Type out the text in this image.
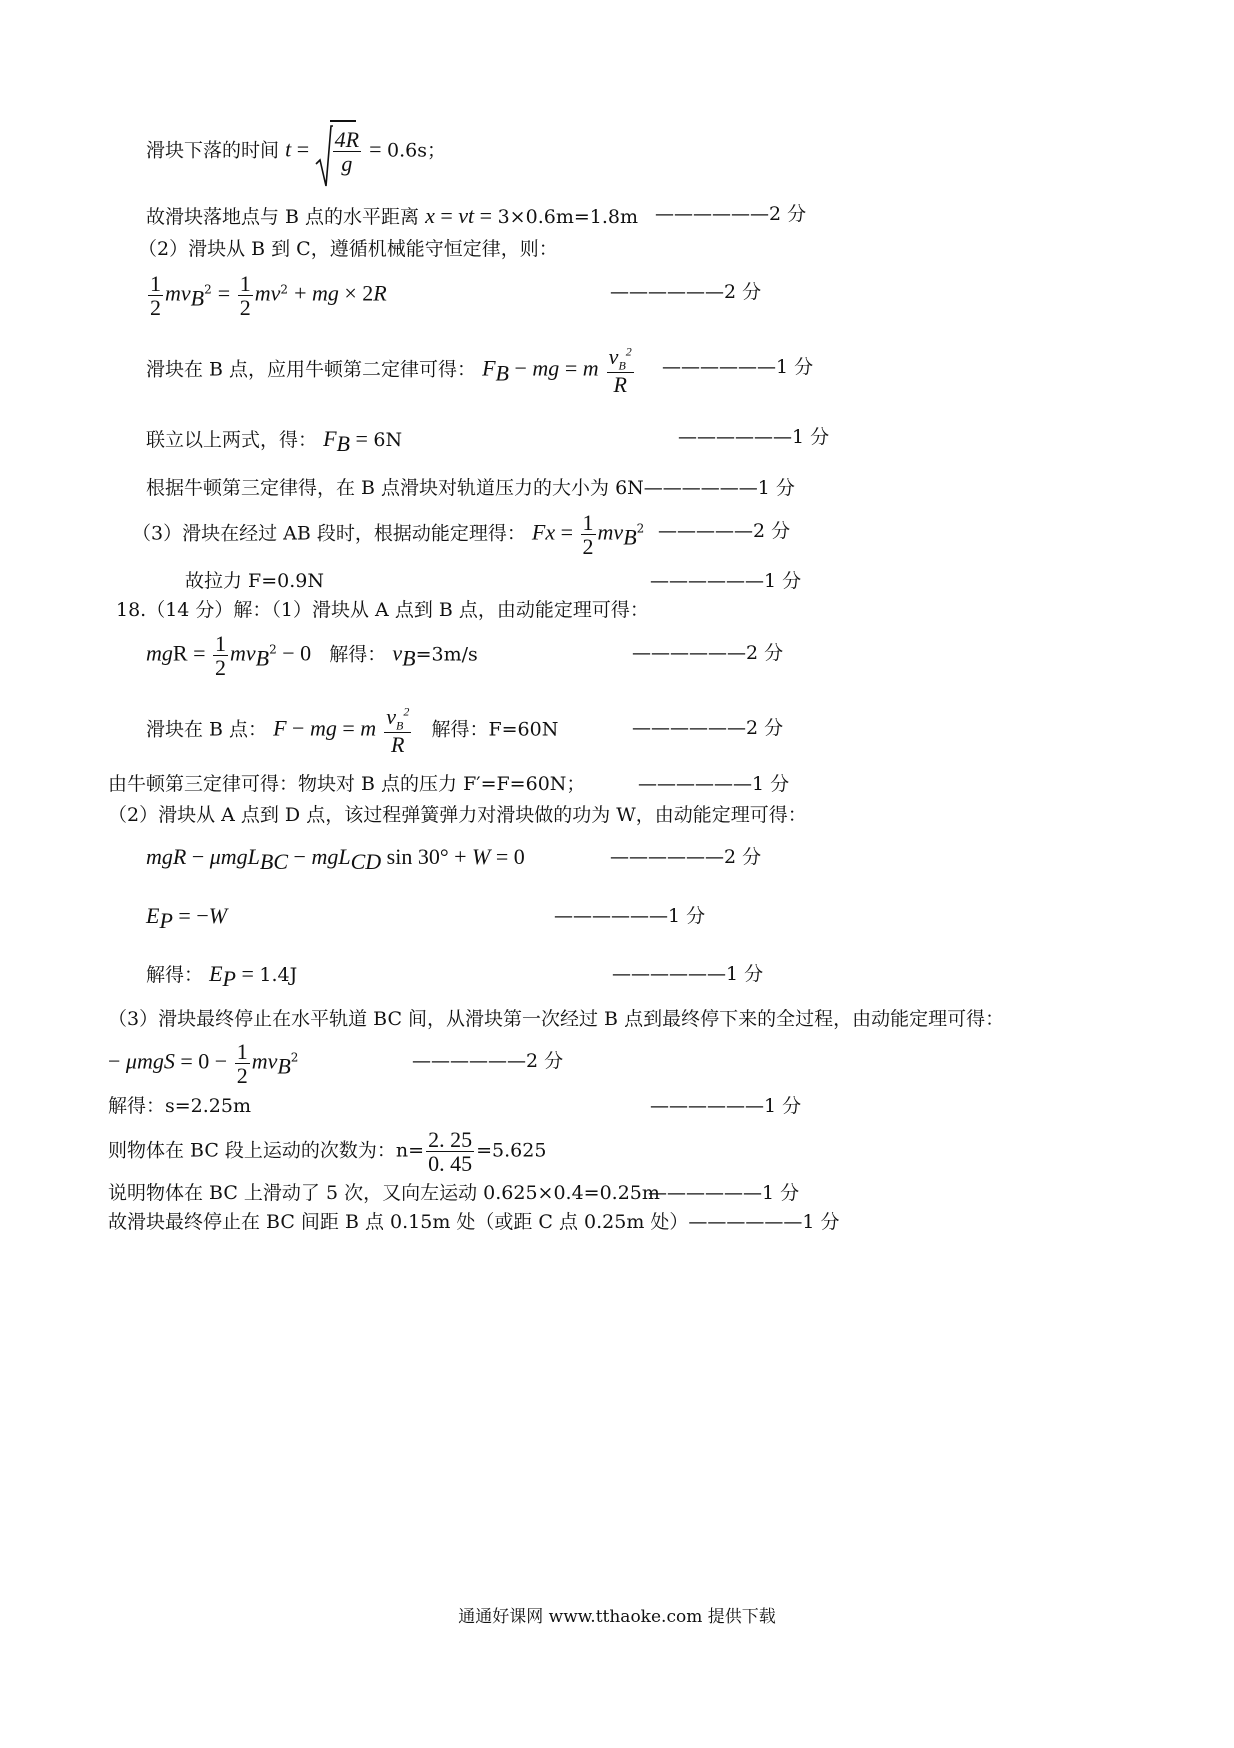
滑块下落的时间 $t = \frac{4R}{g} = 0.6s$；
故滑块落地点与 B 点的水平距离 x = vt = 3×0.6m=1.8m ——————2 分
（2）滑块从 B 到 C，遵循机械能守恒定律，则：
$\frac{1}{2} mv_B^2 = \frac{1}{2} mv^2$ + mg × 2R	——————2 分
滑块在 B 点，应用牛顿第二定律可得： $F_B$ − mg = m $\frac{v_B^2}{R}$ ——————1 分
联立以上两式，得： $F_B = 6N$	——————1 分
根据牛顿第三定律得，在 B 点滑块对轨道压力的大小为 6N——————1 分
（3）滑块在经过 AB 段时，根据动能定理得： $Fx = \frac{1}{2} mv_B^2$ —————2 分
故拉力 F=0.9N	——————1 分
18.（14 分）解：（1）滑块从 A 点到 B 点，由动能定理可得：
mgR = $\frac{1}{2} mv_B^2 - 0$ 解得： $v_B=3m/s$	——————2 分
滑块在 B 点： F − mg = m $\frac{v_B^2}{R}$ 解得：F=60N	——————2 分
由牛顿第三定律可得：物块对 B 点的压力 F′=F=60N；	——————1 分
（2）滑块从 A 点到 D 点，该过程弹簧弹力对滑块做的功为 W，由动能定理可得：
mgR − μmgL$_{BC}$ − mgL$_{CD}$ sin 30° + W = 0	——————2 分
$E_P = -W$	——————1 分
解得： $E_P = 1.4J$	——————1 分
（3）滑块最终停止在水平轨道 BC 间，从滑块第一次经过 B 点到最终停下来的全过程，由动能定理可得：
− $\mu mgS = 0 - \frac{1}{2} mv_B^2$	——————2 分
解得：s=2.25m	——————1 分
则物体在 BC 段上运动的次数为：$n= \frac{2. 25}{0. 45} =5.625$
说明物体在 BC 上滑动了 5 次，又向左运动 0.625×0.4=0.25m
——————1 分
故滑块最终停止在 BC 间距 B 点 0.15m 处（或距 C 点 0.25m 处）——————1 分
通通好课网 www.tthaoke.com 提供下载
